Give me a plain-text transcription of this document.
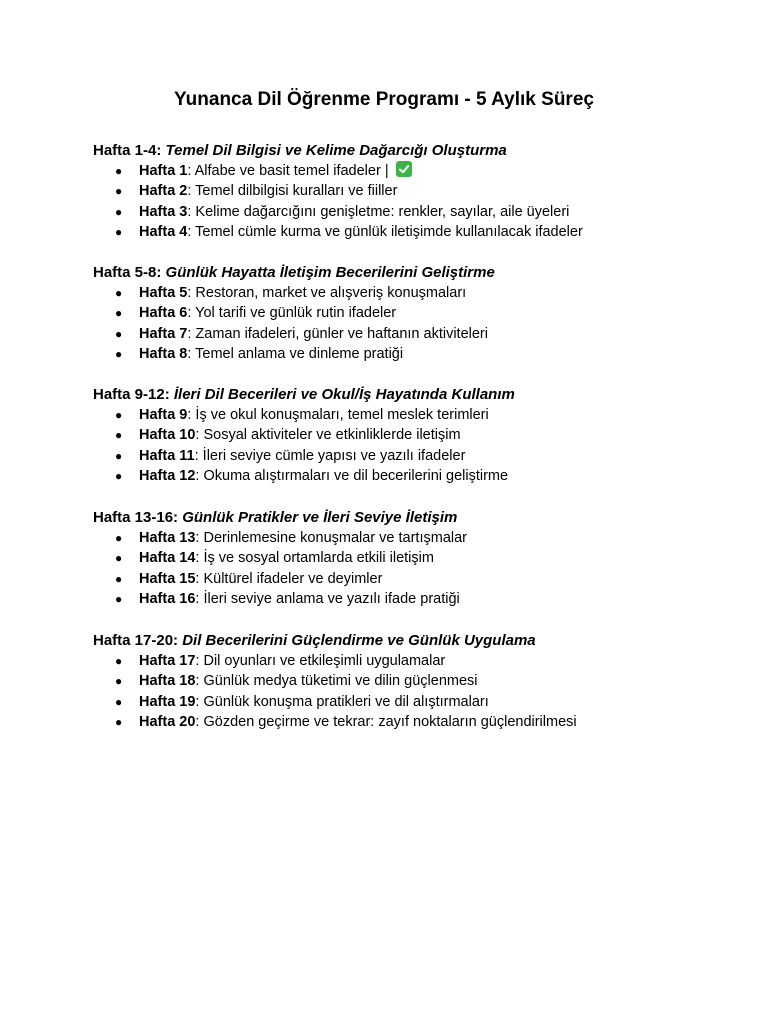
Yunanca Dil Öğrenme Programı - 5 Aylık Süreç

Hafta 1-4: Temel Dil Bilgisi ve Kelime Dağarcığı Oluşturma

● Hafta 1: Alfabe ve basit temel ifadeler |
● Hafta 2: Temel dilbilgisi kuralları ve fiiller
● Hafta 3: Kelime dağarcığını genişletme: renkler, sayılar, aile üyeleri
● Hafta 4: Temel cümle kurma ve günlük iletişimde kullanılacak ifadeler

Hafta 5-8: Günlük Hayatta İletişim Becerilerini Geliştirme

● Hafta 5: Restoran, market ve alışveriş konuşmaları
● Hafta 6: Yol tarifi ve günlük rutin ifadeler
● Hafta 7: Zaman ifadeleri, günler ve haftanın aktiviteleri
● Hafta 8: Temel anlama ve dinleme pratiği

Hafta 9-12: İleri Dil Becerileri ve Okul/İş Hayatında Kullanım

● Hafta 9: İş ve okul konuşmaları, temel meslek terimleri
● Hafta 10: Sosyal aktiviteler ve etkinliklerde iletişim
● Hafta 11: İleri seviye cümle yapısı ve yazılı ifadeler
● Hafta 12: Okuma alıştırmaları ve dil becerilerini geliştirme

Hafta 13-16: Günlük Pratikler ve İleri Seviye İletişim

● Hafta 13: Derinlemesine konuşmalar ve tartışmalar
● Hafta 14: İş ve sosyal ortamlarda etkili iletişim
● Hafta 15: Kültürel ifadeler ve deyimler
● Hafta 16: İleri seviye anlama ve yazılı ifade pratiği

Hafta 17-20: Dil Becerilerini Güçlendirme ve Günlük Uygulama

● Hafta 17: Dil oyunları ve etkileşimli uygulamalar
● Hafta 18: Günlük medya tüketimi ve dilin güçlenmesi
● Hafta 19: Günlük konuşma pratikleri ve dil alıştırmaları
● Hafta 20: Gözden geçirme ve tekrar: zayıf noktaların güçlendirilmesi
